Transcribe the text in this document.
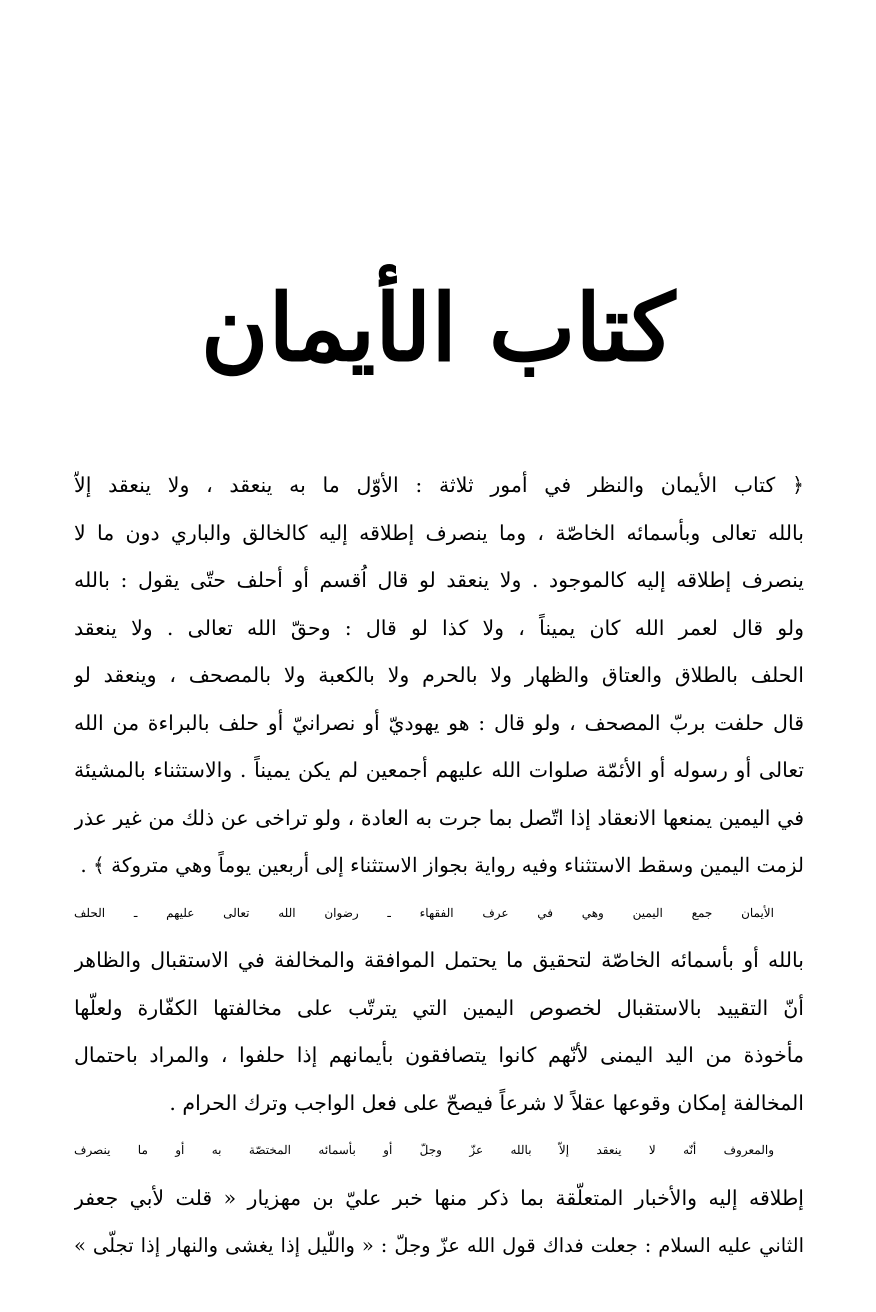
كتاب الأيمان
﴿ كتاب الأيمان والنظر في أمور ثلاثة : الأوّل ما به ينعقد ، ولا ينعقد إلاّ
بالله تعالى وبأسمائه الخاصّة ، وما ينصرف إطلاقه إليه كالخالق والباري دون ما لا
ينصرف إطلاقه إليه كالموجود . ولا ينعقد لو قال اُقسم أو أحلف حتّى يقول : بالله
ولو قال لعمر الله كان يميناً ، ولا كذا لو قال : وحقّ الله تعالى . ولا ينعقد
الحلف بالطلاق والعتاق والظهار ولا بالحرم ولا بالكعبة ولا بالمصحف ، وينعقد لو
قال حلفت بربّ المصحف ، ولو قال : هو يهوديّ أو نصرانيّ أو حلف بالبراءة من الله
تعالى أو رسوله أو الأئمّة صلوات الله عليهم أجمعين لم يكن يميناً . والاستثناء بالمشيئة
في اليمين يمنعها الانعقاد إذا اتّصل بما جرت به العادة ، ولو تراخى عن ذلك من غير عذر
لزمت اليمين وسقط الاستثناء وفيه رواية بجواز الاستثناء إلى أربعين يوماً وهي متروكة ﴾ .
الأيمان جمع اليمين وهي في عرف الفقهاء ـ رضوان الله تعالى عليهم ـ الحلف
بالله أو بأسمائه الخاصّة لتحقيق ما يحتمل الموافقة والمخالفة في الاستقبال والظاهر
أنّ التقييد بالاستقبال لخصوص اليمين التي يترتّب على مخالفتها الكفّارة ولعلّها
مأخوذة من اليد اليمنى لأنّهم كانوا يتصافقون بأيمانهم إذا حلفوا ، والمراد باحتمال
المخالفة إمكان وقوعها عقلاً لا شرعاً فيصحّ على فعل الواجب وترك الحرام .
والمعروف أنّه لا ينعقد إلاّ بالله عزّ وجلّ أو بأسمائه المختصّة به أو ما ينصرف
إطلاقه إليه والأخبار المتعلّقة بما ذكر منها خبر عليّ بن مهزيار « قلت لأبي جعفر
الثاني عليه السلام : جعلت فداك قول الله عزّ وجلّ : « واللّيل إذا يغشى والنهار إذا تجلّى »
